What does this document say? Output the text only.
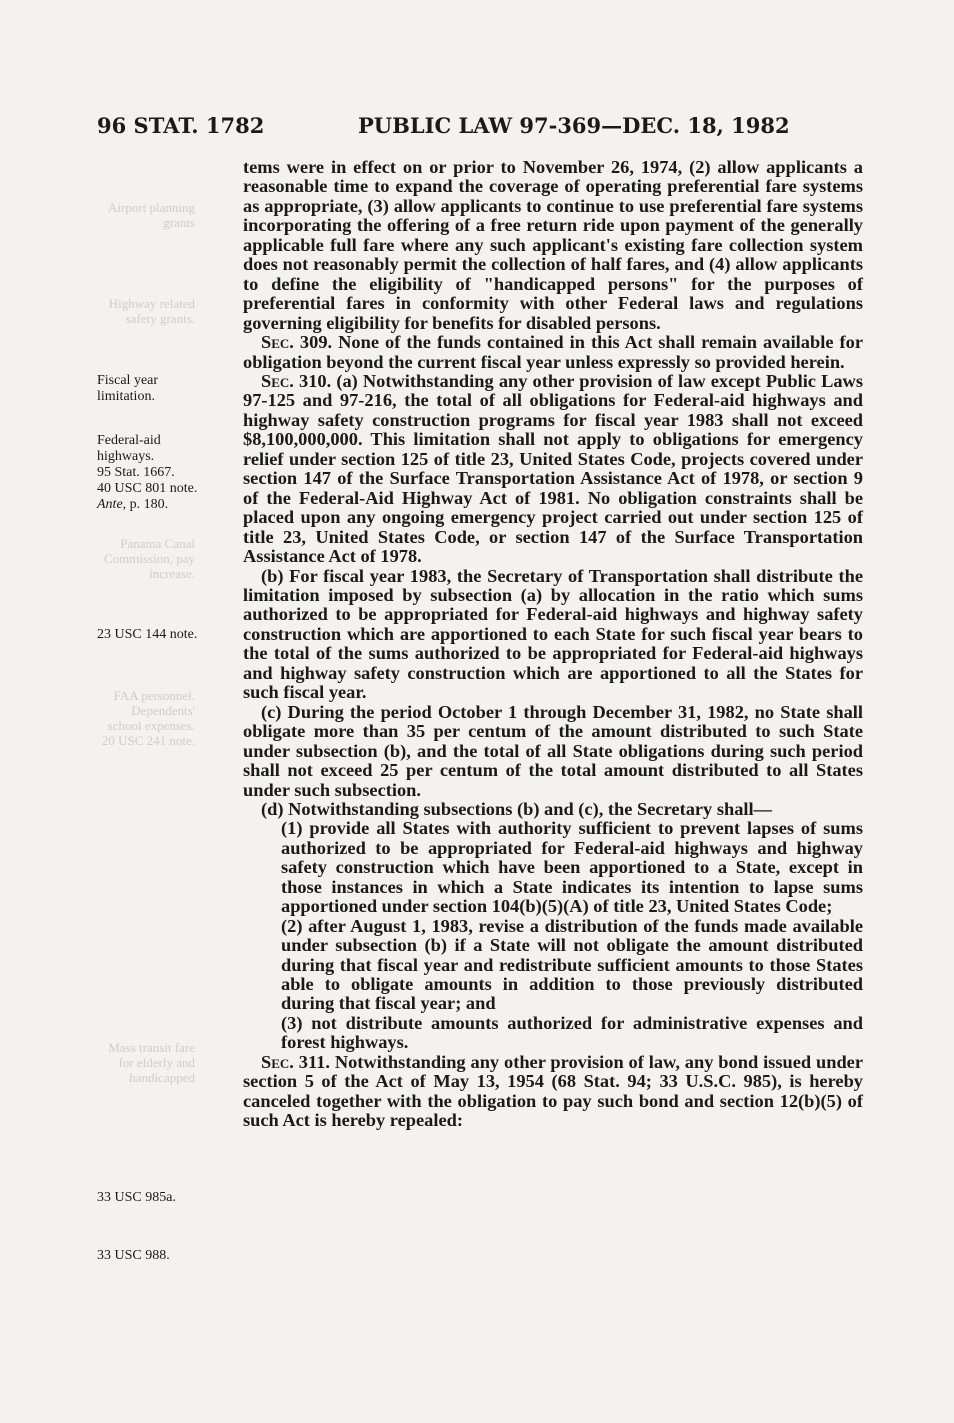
Airport planning
grants
Highway related
safety grants.
Panama Canal
Commission, pay
increase.
FAA personnel.
Dependents'
school expenses.
20 USC 241 note.
Mass transit fare
for elderly and
handicapped
96 STAT. 1782	PUBLIC LAW 97-369—DEC. 18, 1982
Fiscal year
limitation.
Federal-aid
highways.
95 Stat. 1667.
40 USC 801 note.
Ante, p. 180.
23 USC 144 note.
33 USC 985a.
33 USC 988.

tems were in effect on or prior to November 26, 1974, (2) allow applicants a reasonable time to expand the coverage of operating preferential fare systems as appropriate, (3) allow applicants to continue to use preferential fare systems incorporating the offering of a free return ride upon payment of the generally applicable full fare where any such applicant's existing fare collection system does not reasonably permit the collection of half fares, and (4) allow applicants to define the eligibility of "handicapped persons" for the purposes of preferential fares in conformity with other Federal laws and regulations governing eligibility for benefits for disabled persons.

Sec. 309. None of the funds contained in this Act shall remain available for obligation beyond the current fiscal year unless expressly so provided herein.

Sec. 310. (a) Notwithstanding any other provision of law except Public Laws 97-125 and 97-216, the total of all obligations for Federal-aid highways and highway safety construction programs for fiscal year 1983 shall not exceed $8,100,000,000. This limitation shall not apply to obligations for emergency relief under section 125 of title 23, United States Code, projects covered under section 147 of the Surface Transportation Assistance Act of 1978, or section 9 of the Federal-Aid Highway Act of 1981. No obligation constraints shall be placed upon any ongoing emergency project carried out under section 125 of title 23, United States Code, or section 147 of the Surface Transportation Assistance Act of 1978.

(b) For fiscal year 1983, the Secretary of Transportation shall distribute the limitation imposed by subsection (a) by allocation in the ratio which sums authorized to be appropriated for Federal-aid highways and highway safety construction which are apportioned to each State for such fiscal year bears to the total of the sums authorized to be appropriated for Federal-aid highways and highway safety construction which are apportioned to all the States for such fiscal year.

(c) During the period October 1 through December 31, 1982, no State shall obligate more than 35 per centum of the amount distributed to such State under subsection (b), and the total of all State obligations during such period shall not exceed 25 per centum of the total amount distributed to all States under such subsection.

(d) Notwithstanding subsections (b) and (c), the Secretary shall—

(1) provide all States with authority sufficient to prevent lapses of sums authorized to be appropriated for Federal-aid highways and highway safety construction which have been apportioned to a State, except in those instances in which a State indicates its intention to lapse sums apportioned under section 104(b)(5)(A) of title 23, United States Code;

(2) after August 1, 1983, revise a distribution of the funds made available under subsection (b) if a State will not obligate the amount distributed during that fiscal year and redistribute sufficient amounts to those States able to obligate amounts in addition to those previously distributed during that fiscal year; and

(3) not distribute amounts authorized for administrative expenses and forest highways.

Sec. 311. Notwithstanding any other provision of law, any bond issued under section 5 of the Act of May 13, 1954 (68 Stat. 94; 33 U.S.C. 985), is hereby canceled together with the obligation to pay such bond and section 12(b)(5) of such Act is hereby repealed:
